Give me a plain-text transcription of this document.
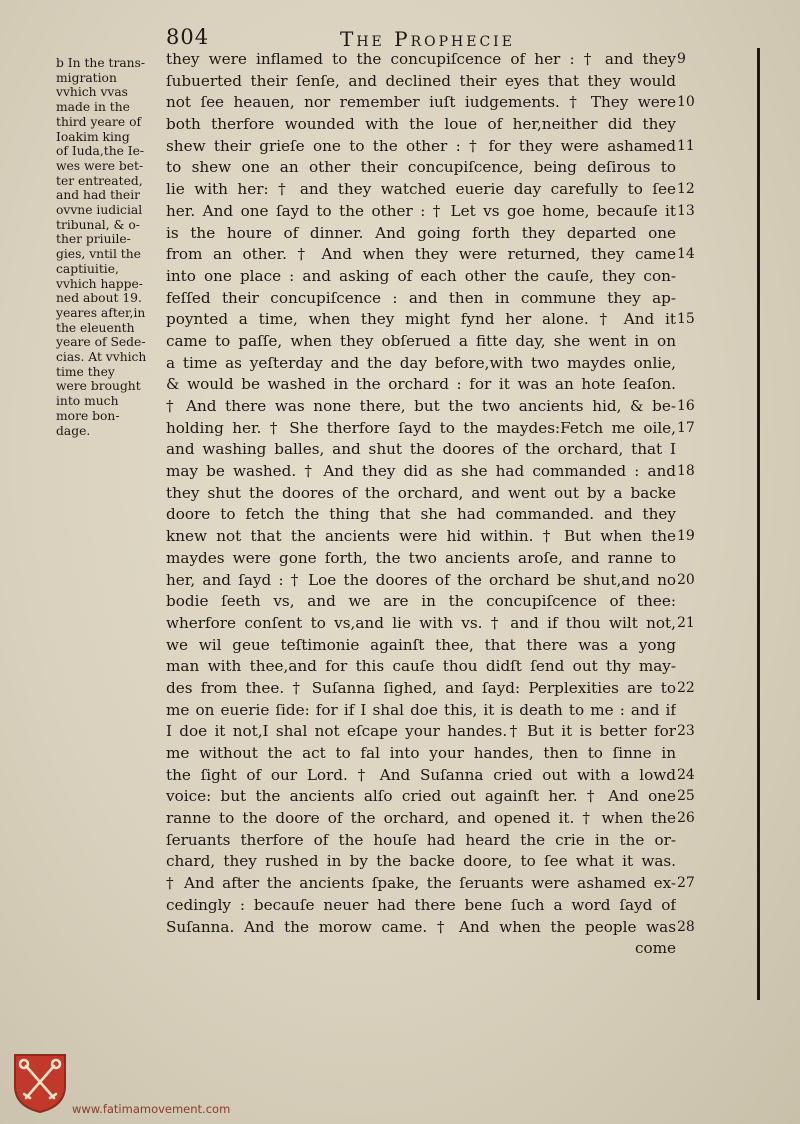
804	The Prophecie
b In the trans-
migration
vvhich vvas
made in the
third yeare of
Ioakim king
of Iuda,the Ie-
wes were bet-
ter entreated,
and had their
ovvne iudicial
tribunal, & o-
ther priuile-
gies, vntil the
captiuitie,
vvhich happe-
ned about 19.
yeares after,in
the eleuenth
yeare of Sede-
cias. At vvhich
time they
were brought
into much
more bon-
dage.
they were inflamed to the concupiſcence of her : † and they
ſubuerted their ſenſe, and declined their eyes that they would
not ſee heauen, nor remember iuſt iudgements. † They were
both therfore wounded with the loue of her,neither did they
shew their grieſe one to the other : † for they were ashamed
to shew one an other their concupiſcence, being deſirous to
lie with her: † and they watched euerie day carefully to ſee
her. And one ſayd to the other : † Let vs goe home, becauſe it
is the houre of dinner. And going forth they departed one
from an other. † And when they were returned, they came
into one place : and asking of each other the cauſe, they con-
feſſed their concupiſcence : and then in commune they ap-
poynted a time, when they might fynd her alone. † And it
came to paſſe, when they obſerued a fitte day, she went in on
a time as yeſterday and the day before,with two maydes onlie,
& would be washed in the orchard : for it was an hote ſeaſon.
† And there was none there, but the two ancients hid, & be-
holding her. † She therfore ſayd to the maydes:Fetch me oile,
and washing balles, and shut the doores of the orchard, that I
may be washed. † And they did as she had commanded : and
they shut the doores of the orchard, and went out by a backe
doore to fetch the thing that she had commanded. and they
knew not that the ancients were hid within. † But when the
maydes were gone forth, the two ancients aroſe, and ranne to
her, and ſayd : † Loe the doores of the orchard be shut,and no
bodie ſeeth vs, and we are in the concupiſcence of thee:
wherfore conſent to vs,and lie with vs. † and if thou wilt not,
we wil geue teſtimonie againſt thee, that there was a yong
man with thee,and for this cauſe thou didſt ſend out thy may-
des from thee. † Suſanna ſighed, and ſayd: Perplexities are to
me on euerie ſide: for if I shal doe this, it is death to me : and if
I doe it not,I shal not eſcape your handes.† But it is better for
me without the act to fal into your handes, then to ſinne in
the ſight of our Lord. † And Suſanna cried out with a lowd
voice: but the ancients alſo cried out againſt her. † And one
ranne to the doore of the orchard, and opened it. † when the
ſeruants therfore of the houſe had heard the crie in the or-
chard, they rushed in by the backe doore, to ſee what it was.
† And after the ancients ſpake, the ſeruants were ashamed ex-
cedingly : becauſe neuer had there bene ſuch a word ſayd of
Suſanna. And the morow came. † And when the people was
come
9
10
11
12
13
14
15
16
17
18
19
20
21
22
23
24
25
26
27
28
www.fatimamovement.com
